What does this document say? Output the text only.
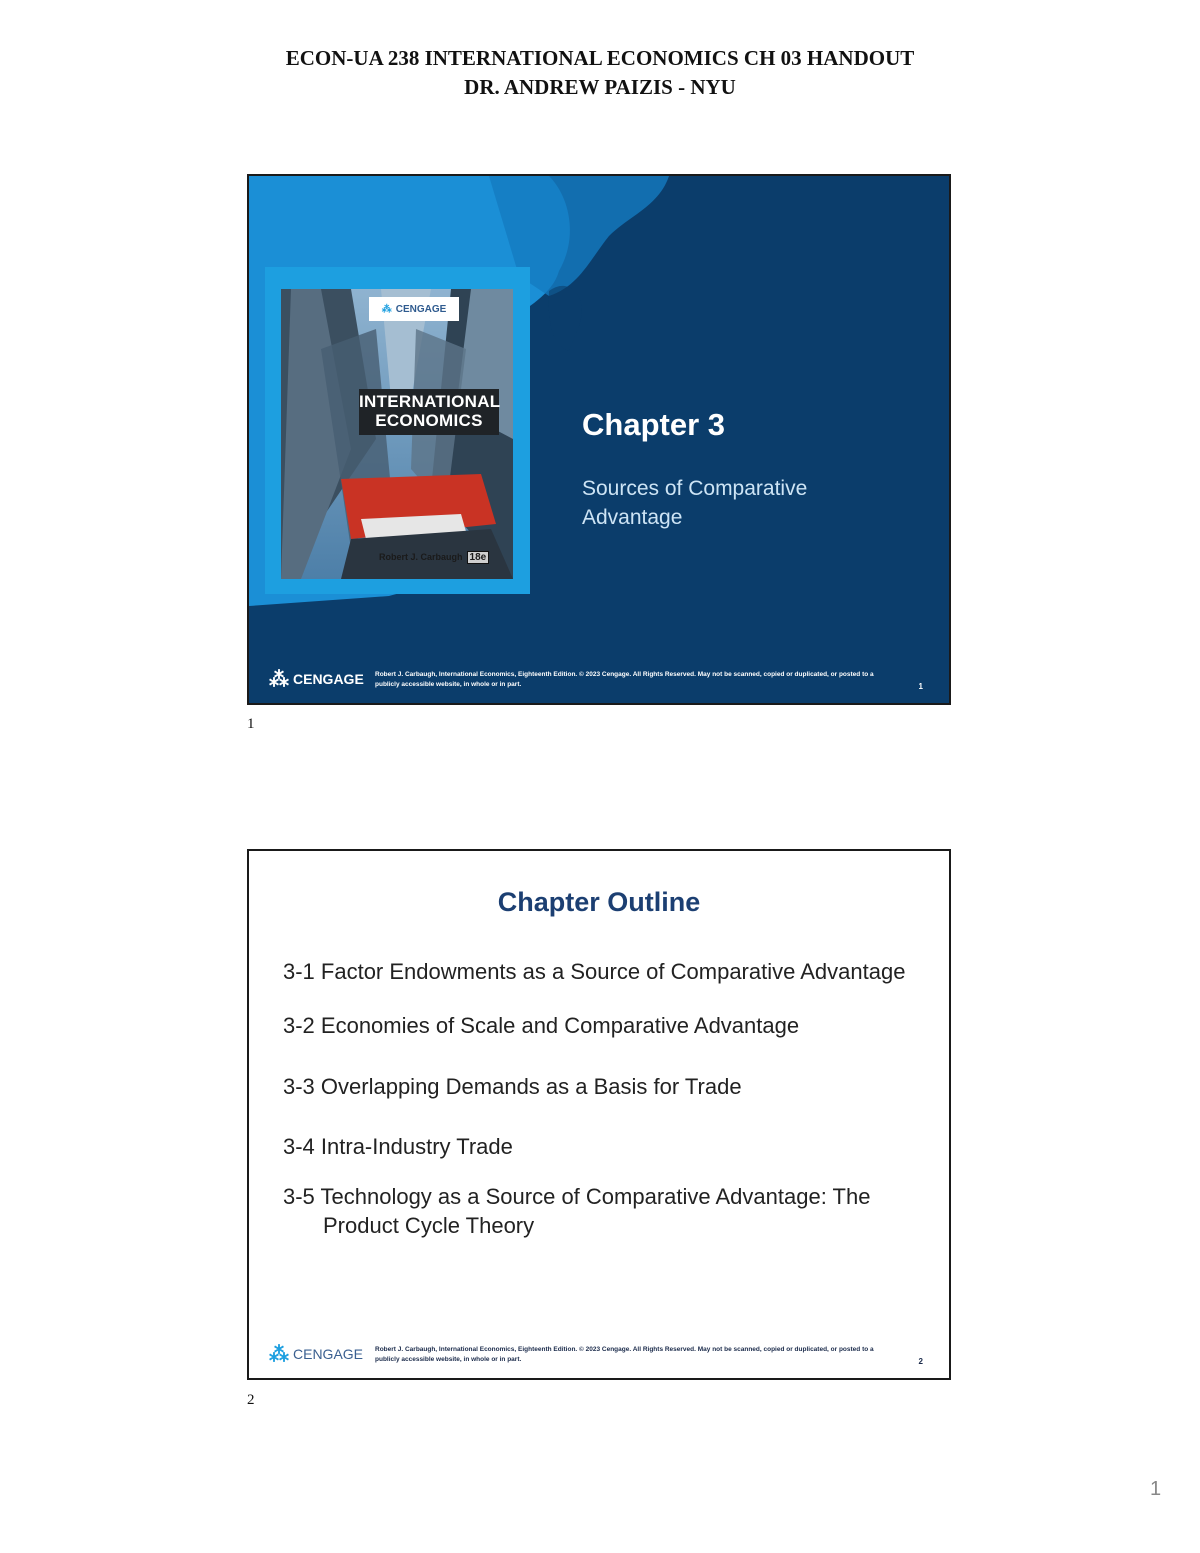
ECON-UA 238 INTERNATIONAL ECONOMICS CH 03 HANDOUT
DR. ANDREW PAIZIS - NYU
⁂ CENGAGE
INTERNATIONAL
ECONOMICS
Robert J. Carbaugh 18e
Chapter 3
Sources of Comparative Advantage
⁂ CENGAGE Robert J. Carbaugh, International Economics, Eighteenth Edition. © 2023 Cengage. All Rights Reserved. May not be scanned, copied or duplicated, or posted to a publicly accessible website, in whole or in part.	1
1
Chapter Outline
3-1 Factor Endowments as a Source of Comparative Advantage
3-2 Economies of Scale and Comparative Advantage
3-3 Overlapping Demands as a Basis for Trade
3-4 Intra-Industry Trade
3-5 Technology as a Source of Comparative Advantage: The Product Cycle Theory
⁂ CENGAGE Robert J. Carbaugh, International Economics, Eighteenth Edition. © 2023 Cengage. All Rights Reserved. May not be scanned, copied or duplicated, or posted to a publicly accessible website, in whole or in part.	2
2
1
